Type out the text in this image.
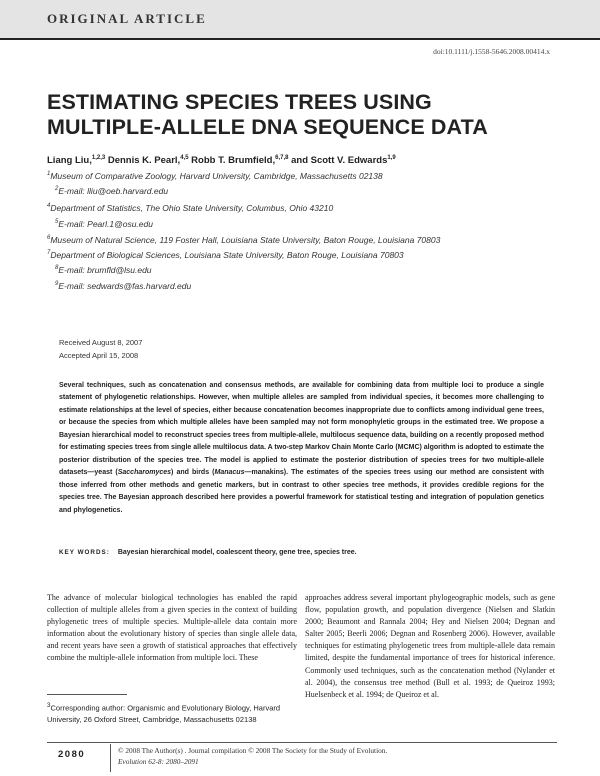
ORIGINAL ARTICLE
doi:10.1111/j.1558-5646.2008.00414.x
ESTIMATING SPECIES TREES USING
MULTIPLE-ALLELE DNA SEQUENCE DATA
Liang Liu,$^{1,2,3}$ Dennis K. Pearl,$^{4,5}$ Robb T. Brumfield,$^{6,7,8}$ and Scott V. Edwards$^{1,9}$
$^1$Museum of Comparative Zoology, Harvard University, Cambridge, Massachusetts 02138
$^2$E-mail: lliu@oeb.harvard.edu
$^4$Department of Statistics, The Ohio State University, Columbus, Ohio 43210
$^5$E-mail: Pearl.1@osu.edu
$^6$Museum of Natural Science, 119 Foster Hall, Louisiana State University, Baton Rouge, Louisiana 70803
$^7$Department of Biological Sciences, Louisiana State University, Baton Rouge, Louisiana 70803
$^8$E-mail: brumfld@lsu.edu
$^9$E-mail: sedwards@fas.harvard.edu
Received August 8, 2007
Accepted April 15, 2008
Several techniques, such as concatenation and consensus methods, are available for combining data from multiple loci to produce a single statement of phylogenetic relationships. However, when multiple alleles are sampled from individual species, it becomes more challenging to estimate relationships at the level of species, either because concatenation becomes inappropriate due to conflicts among individual gene trees, or because the species from which multiple alleles have been sampled may not form monophyletic groups in the estimated tree. We propose a Bayesian hierarchical model to reconstruct species trees from multiple-allele, multilocus sequence data, building on a recently proposed method for estimating species trees from single allele multilocus data. A two-step Markov Chain Monte Carlo (MCMC) algorithm is adopted to estimate the posterior distribution of the species tree. The model is applied to estimate the posterior distribution of species trees for two multiple-allele datasets—yeast (Saccharomyces) and birds (Manacus—manakins). The estimates of the species trees using our method are consistent with those inferred from other methods and genetic markers, but in contrast to other species tree methods, it provides credible regions for the species tree. The Bayesian approach described here provides a powerful framework for statistical testing and integration of population genetics and phylogenetics.
KEY WORDS: Bayesian hierarchical model, coalescent theory, gene tree, species tree.
The advance of molecular biological technologies has enabled the rapid collection of multiple alleles from a given species in the context of building phylogenetic trees of multiple species. Multiple-allele data contain more information about the evolutionary history of species than single allele data, and recent years have seen a growth of statistical approaches that effectively combine the multiple-allele information from multiple loci. These
approaches address several important phylogeographic models, such as gene flow, population growth, and population divergence (Nielsen and Slatkin 2000; Beaumont and Rannala 2004; Hey and Nielsen 2004; Degnan and Salter 2005; Beerli 2006; Degnan and Rosenberg 2006). However, available techniques for estimating phylogenetic trees from multiple-allele data remain limited, despite the fundamental importance of trees for historical inference. Commonly used techniques, such as the concatenation method (Nylander et al. 2004), the consensus tree method (Bull et al. 1993; de Queiroz 1993; Huelsenbeck et al. 1994; de Queiroz et al.
$^3$Corresponding author: Organismic and Evolutionary Biology, Harvard University, 26 Oxford Street, Cambridge, Massachusetts 02138
2080	© 2008 The Author(s) . Journal compilation © 2008 The Society for the Study of Evolution.
Evolution 62-8: 2080–2091
